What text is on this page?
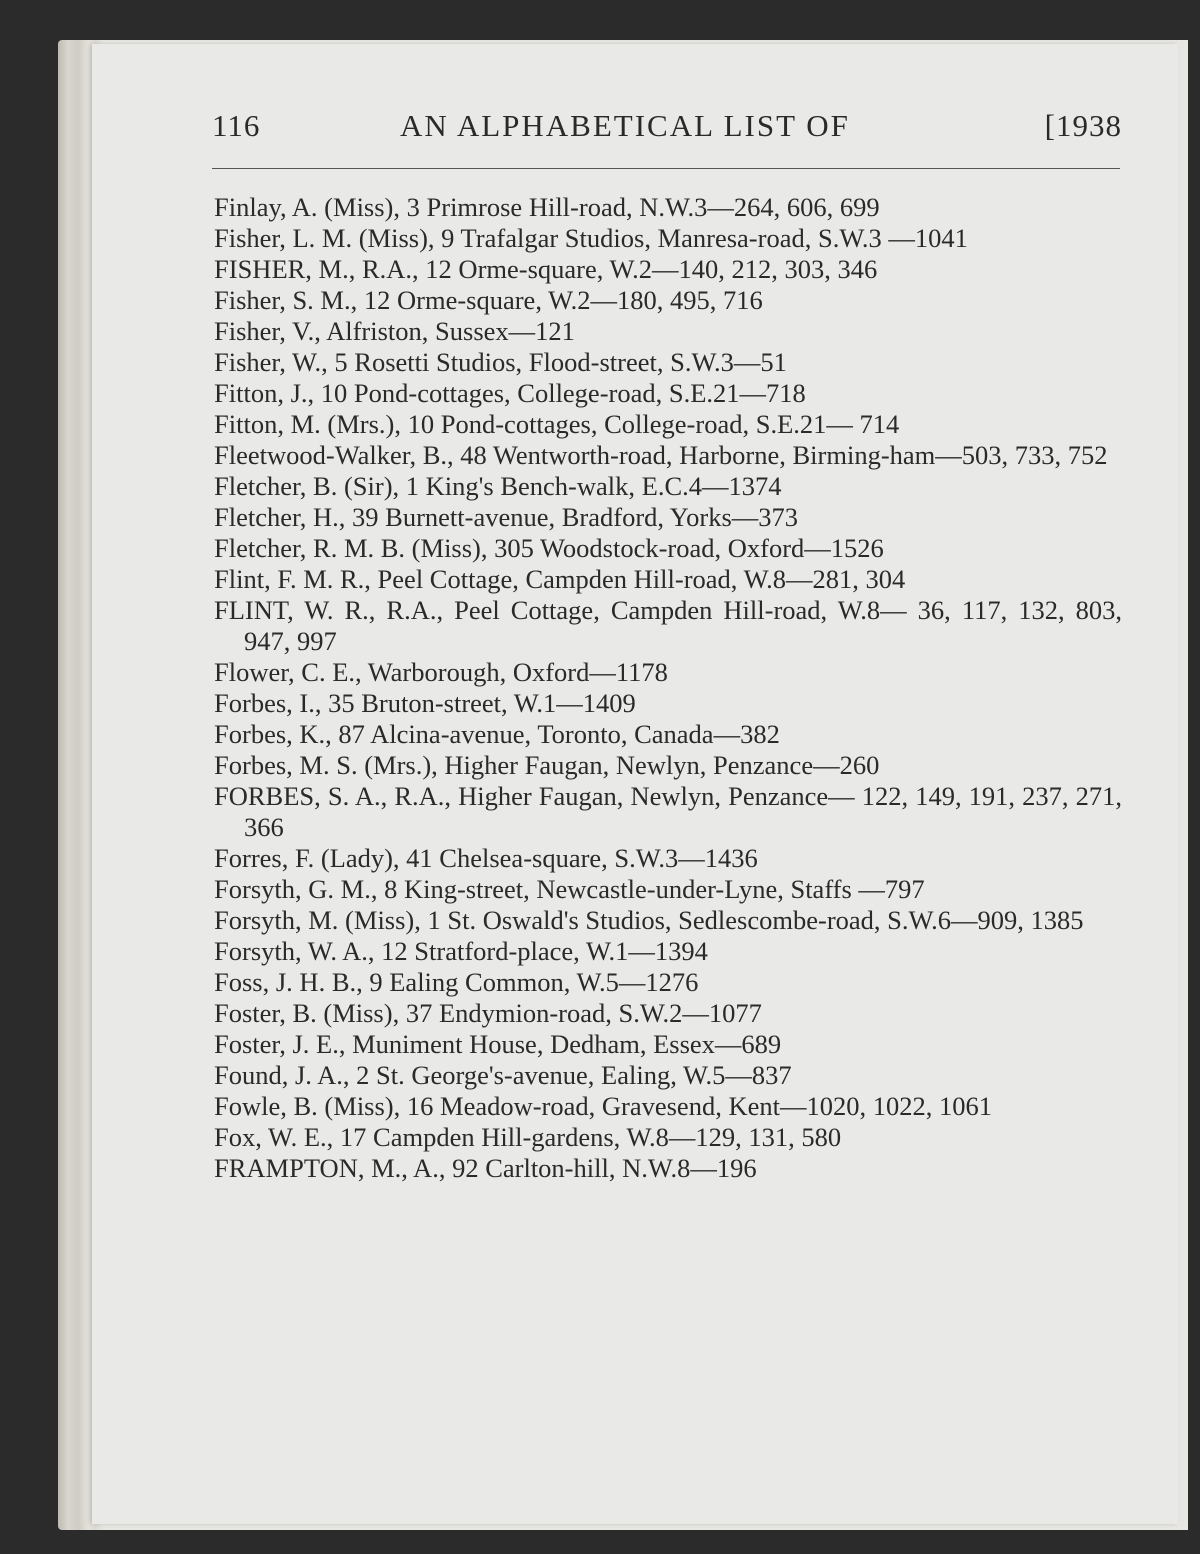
116	AN ALPHABETICAL LIST OF	[1938
Finlay, A. (Miss), 3 Primrose Hill-road, N.W.3—264, 606, 699
Fisher, L. M. (Miss), 9 Trafalgar Studios, Manresa-road, S.W.3 —1041
FISHER, M., R.A., 12 Orme-square, W.2—140, 212, 303, 346
Fisher, S. M., 12 Orme-square, W.2—180, 495, 716
Fisher, V., Alfriston, Sussex—121
Fisher, W., 5 Rosetti Studios, Flood-street, S.W.3—51
Fitton, J., 10 Pond-cottages, College-road, S.E.21—718
Fitton, M. (Mrs.), 10 Pond-cottages, College-road, S.E.21— 714
Fleetwood-Walker, B., 48 Wentworth-road, Harborne, Birming-ham—503, 733, 752
Fletcher, B. (Sir), 1 King's Bench-walk, E.C.4—1374
Fletcher, H., 39 Burnett-avenue, Bradford, Yorks—373
Fletcher, R. M. B. (Miss), 305 Woodstock-road, Oxford—1526
Flint, F. M. R., Peel Cottage, Campden Hill-road, W.8—281, 304
FLINT, W. R., R.A., Peel Cottage, Campden Hill-road, W.8— 36, 117, 132, 803, 947, 997
Flower, C. E., Warborough, Oxford—1178
Forbes, I., 35 Bruton-street, W.1—1409
Forbes, K., 87 Alcina-avenue, Toronto, Canada—382
Forbes, M. S. (Mrs.), Higher Faugan, Newlyn, Penzance—260
FORBES, S. A., R.A., Higher Faugan, Newlyn, Penzance— 122, 149, 191, 237, 271, 366
Forres, F. (Lady), 41 Chelsea-square, S.W.3—1436
Forsyth, G. M., 8 King-street, Newcastle-under-Lyne, Staffs —797
Forsyth, M. (Miss), 1 St. Oswald's Studios, Sedlescombe-road, S.W.6—909, 1385
Forsyth, W. A., 12 Stratford-place, W.1—1394
Foss, J. H. B., 9 Ealing Common, W.5—1276
Foster, B. (Miss), 37 Endymion-road, S.W.2—1077
Foster, J. E., Muniment House, Dedham, Essex—689
Found, J. A., 2 St. George's-avenue, Ealing, W.5—837
Fowle, B. (Miss), 16 Meadow-road, Gravesend, Kent—1020, 1022, 1061
Fox, W. E., 17 Campden Hill-gardens, W.8—129, 131, 580
FRAMPTON, M., A., 92 Carlton-hill, N.W.8—196
